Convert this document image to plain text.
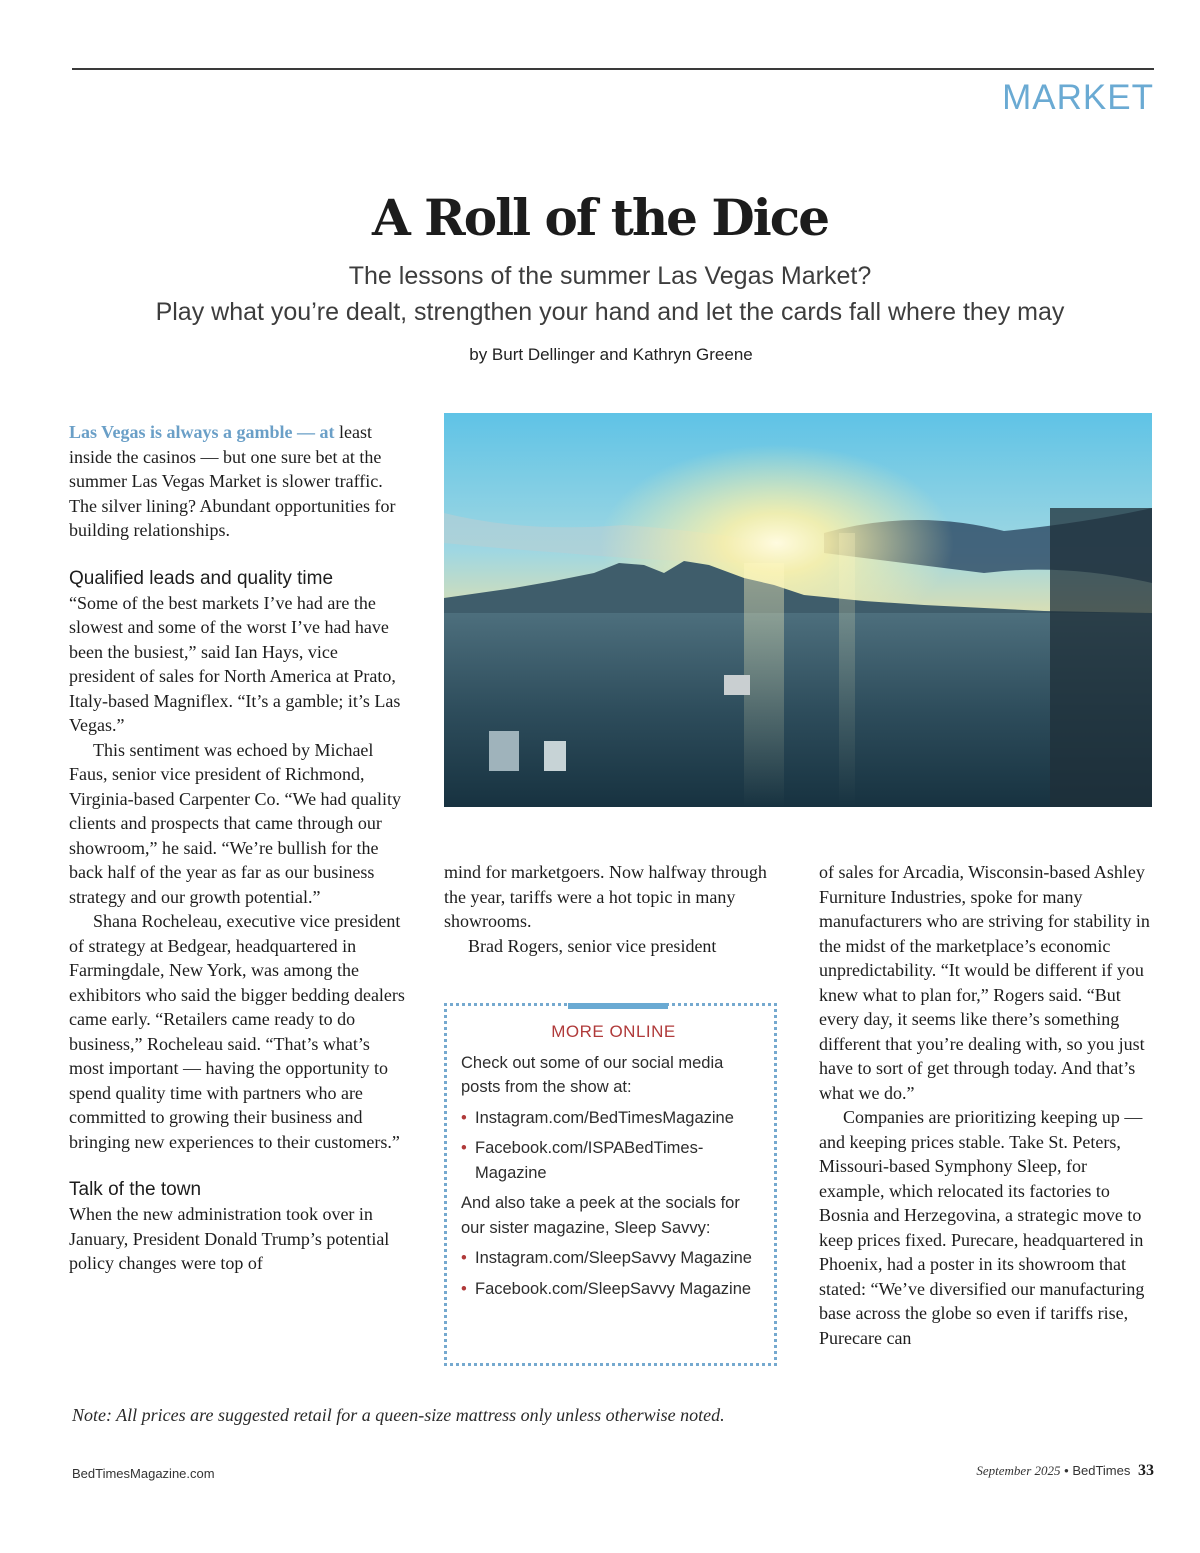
MARKET
A Roll of the Dice
The lessons of the summer Las Vegas Market?
Play what you’re dealt, strengthen your hand and let the cards fall where they may
by Burt Dellinger and Kathryn Greene

Las Vegas is always a gamble — at least inside the casinos — but one sure bet at the summer Las Vegas Market is slower traffic. The silver lining? Abundant opportunities for building relationships.

Qualified leads and quality time

“Some of the best markets I’ve had are the slowest and some of the worst I’ve had have been the busiest,” said Ian Hays, vice president of sales for North America at Prato, Italy-based Magniflex. “It’s a gamble; it’s Las Vegas.”

This sentiment was echoed by Michael Faus, senior vice president of Richmond, Virginia-based Carpenter Co. “We had quality clients and prospects that came through our showroom,” he said. “We’re bullish for the back half of the year as far as our business strategy and our growth potential.”

Shana Rocheleau, executive vice president of strategy at Bedgear, headquartered in Farmingdale, New York, was among the exhibitors who said the bigger bedding dealers came early. “Retailers came ready to do business,” Rocheleau said. “That’s what’s most important — having the opportunity to spend quality time with partners who are committed to growing their business and bringing new experiences to their customers.”

Talk of the town

When the new administration took over in January, President Donald Trump’s potential policy changes were top of

mind for marketgoers. Now halfway through the year, tariffs were a hot topic in many showrooms.

Brad Rogers, senior vice president

MORE ONLINE
Check out some of our social media posts from the show at:
• Instagram.com/BedTimesMagazine
• Facebook.com/ISPABedTimes-Magazine
And also take a peek at the socials for our sister magazine, Sleep Savvy:
• Instagram.com/SleepSavvy Magazine
• Facebook.com/SleepSavvy Magazine

of sales for Arcadia, Wisconsin-based Ashley Furniture Industries, spoke for many manufacturers who are striving for stability in the midst of the marketplace’s economic unpredictability. “It would be different if you knew what to plan for,” Rogers said. “But every day, it seems like there’s something different that you’re dealing with, so you just have to sort of get through today. And that’s what we do.”

Companies are prioritizing keeping up — and keeping prices stable. Take St. Peters, Missouri-based Symphony Sleep, for example, which relocated its factories to Bosnia and Herzegovina, a strategic move to keep prices fixed. Purecare, headquartered in Phoenix, had a poster in its showroom that stated: “We’ve diversified our manufacturing base across the globe so even if tariffs rise, Purecare can

Note: All prices are suggested retail for a queen-size mattress only unless otherwise noted.
BedTimesMagazine.com	September 2025 • BedTimes 33
